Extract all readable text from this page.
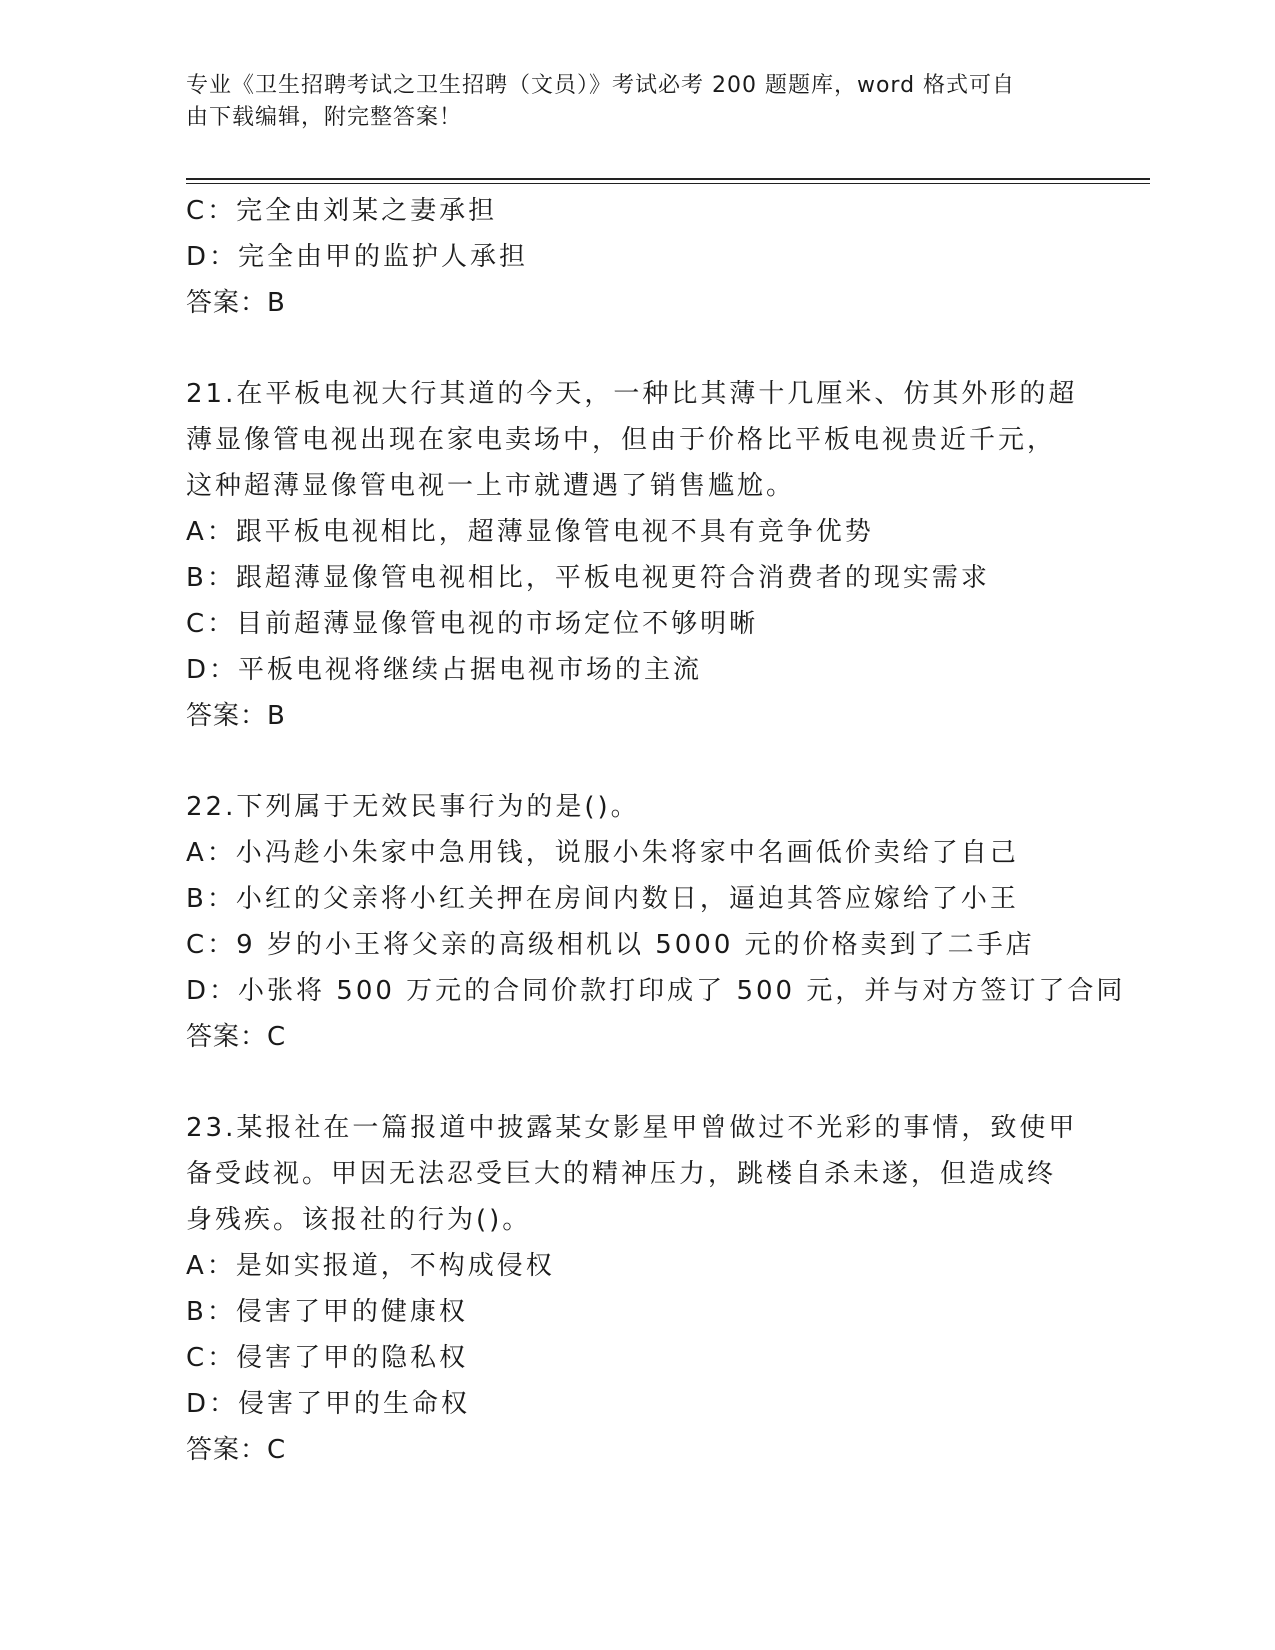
专业《卫生招聘考试之卫生招聘（文员）》考试必考 200 题题库，word 格式可自
由下载编辑，附完整答案！
C：完全由刘某之妻承担
D：完全由甲的监护人承担
答案：B
21.在平板电视大行其道的今天，一种比其薄十几厘米、仿其外形的超
薄显像管电视出现在家电卖场中，但由于价格比平板电视贵近千元，
这种超薄显像管电视一上市就遭遇了销售尴尬。
A：跟平板电视相比，超薄显像管电视不具有竞争优势
B：跟超薄显像管电视相比，平板电视更符合消费者的现实需求
C：目前超薄显像管电视的市场定位不够明晰
D：平板电视将继续占据电视市场的主流
答案：B
22.下列属于无效民事行为的是()。
A：小冯趁小朱家中急用钱，说服小朱将家中名画低价卖给了自己
B：小红的父亲将小红关押在房间内数日，逼迫其答应嫁给了小王
C：9 岁的小王将父亲的高级相机以 5000 元的价格卖到了二手店
D：小张将 500 万元的合同价款打印成了 500 元，并与对方签订了合同
答案：C
23.某报社在一篇报道中披露某女影星甲曾做过不光彩的事情，致使甲
备受歧视。甲因无法忍受巨大的精神压力，跳楼自杀未遂，但造成终
身残疾。该报社的行为()。
A：是如实报道，不构成侵权
B：侵害了甲的健康权
C：侵害了甲的隐私权
D：侵害了甲的生命权
答案：C
